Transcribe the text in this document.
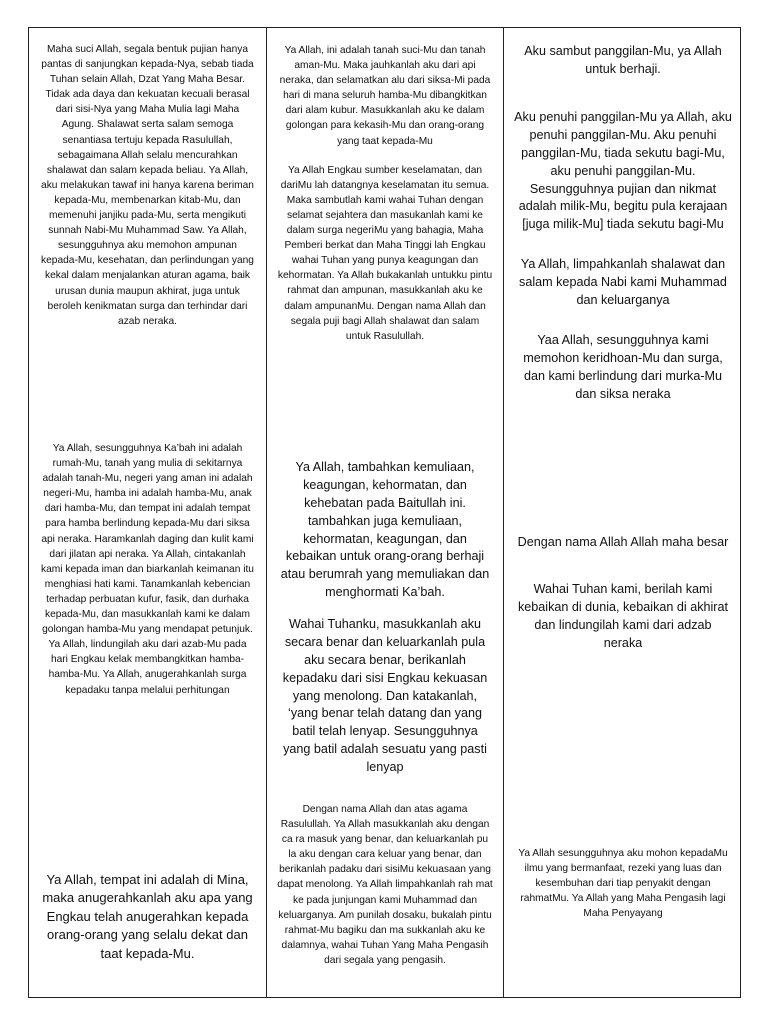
Maha suci Allah, segala bentuk pujian hanya pantas di sanjungkan kepada-Nya, sebab tiada Tuhan selain Allah, Dzat Yang Maha Besar. Tidak ada daya dan kekuatan kecuali berasal dari sisi-Nya yang Maha Mulia lagi Maha Agung. Shalawat serta salam semoga senantiasa tertuju kepada Rasulullah, sebagaimana Allah selalu mencurahkan shalawat dan salam kepada beliau. Ya Allah, aku melakukan tawaf ini hanya karena beriman kepada-Mu, membenarkan kitab-Mu, dan memenuhi janjiku pada-Mu, serta mengikuti sunnah Nabi-Mu Muhammad Saw. Ya Allah, sesungguhnya aku memohon ampunan kepada-Mu, kesehatan, dan perlindungan yang kekal dalam menjalankan aturan agama, baik urusan dunia maupun akhirat, juga untuk beroleh kenikmatan surga dan terhindar dari azab neraka.

Ya Allah, sesungguhnya Ka’bah ini adalah rumah-Mu, tanah yang mulia di sekitarnya adalah tanah-Mu, negeri yang aman ini adalah negeri-Mu, hamba ini adalah hamba-Mu, anak dari hamba-Mu, dan tempat ini adalah tempat para hamba berlindung kepada-Mu dari siksa api neraka. Haramkanlah daging dan kulit kami dari jilatan api neraka. Ya Allah, cintakanlah kami kepada iman dan biarkanlah keimanan itu menghiasi hati kami. Tanamkanlah kebencian terhadap perbuatan kufur, fasik, dan durhaka kepada-Mu, dan masukkanlah kami ke dalam golongan hamba-Mu yang mendapat petunjuk. Ya Allah, lindungilah aku dari azab-Mu pada hari Engkau kelak membangkitkan hamba-hamba-Mu. Ya Allah, anugerahkanlah surga kepadaku tanpa melalui perhitungan

Ya Allah, tempat ini adalah di Mina, maka anugerahkanlah aku apa yang Engkau telah anugerahkan kepada orang-orang yang selalu dekat dan taat kepada-Mu.

Ya Allah, ini adalah tanah suci-Mu dan tanah aman-Mu. Maka jauhkanlah aku dari api neraka, dan selamatkan alu dari siksa-Mi pada hari di mana seluruh hamba-Mu dibangkitkan dari alam kubur. Masukkanlah aku ke dalam golongan para kekasih-Mu dan orang-orang yang taat kepada-Mu

Ya Allah Engkau sumber keselamatan, dan dariMu lah datangnya keselamatan itu semua. Maka sambutlah kami wahai Tuhan dengan selamat sejahtera dan masukanlah kami ke dalam surga negeriMu yang bahagia, Maha Pemberi berkat dan Maha Tinggi lah Engkau wahai Tuhan yang punya keagungan dan kehormatan. Ya Allah bukakanlah untukku pintu rahmat dan ampunan, masukkanlah aku ke dalam ampunanMu. Dengan nama Allah dan segala puji bagi Allah shalawat dan salam untuk Rasulullah.

Ya Allah, tambahkan kemuliaan, keagungan, kehormatan, dan kehebatan pada Baitullah ini. tambahkan juga kemuliaan, kehormatan, keagungan, dan kebaikan untuk orang-orang berhaji atau berumrah yang memuliakan dan menghormati Ka’bah.

Wahai Tuhanku, masukkanlah aku secara benar dan keluarkanlah pula aku secara benar, berikanlah kepadaku dari sisi Engkau kekuasan yang menolong. Dan katakanlah, ‘yang benar telah datang dan yang batil telah lenyap. Sesungguhnya yang batil adalah sesuatu yang pasti lenyap

Dengan nama Allah dan atas agama Rasulullah. Ya Allah masukkanlah aku dengan ca ra masuk yang benar, dan keluarkanlah pu la aku dengan cara keluar yang benar, dan berikanlah padaku dari sisiMu kekuasaan yang dapat menolong. Ya Allah limpahkanlah rah mat ke pada junjungan kami Muhammad dan keluarganya. Am punilah dosaku, bukalah pintu rahmat-Mu bagiku dan ma sukkanlah aku ke dalamnya, wahai Tuhan Yang Maha Pengasih dari segala yang pengasih.

Aku sambut panggilan-Mu, ya Allah untuk berhaji.

Aku penuhi panggilan-Mu ya Allah, aku penuhi panggilan-Mu. Aku penuhi panggilan-Mu, tiada sekutu bagi-Mu, aku penuhi panggilan-Mu. Sesungguhnya pujian dan nikmat adalah milik-Mu, begitu pula kerajaan [juga milik-Mu] tiada sekutu bagi-Mu

Ya Allah, limpahkanlah shalawat dan salam kepada Nabi kami Muhammad dan keluarganya

Yaa Allah, sesungguhnya kami memohon keridhoan-Mu dan surga, dan kami berlindung dari murka-Mu dan siksa neraka

Dengan nama Allah Allah maha besar

Wahai Tuhan kami, berilah kami kebaikan di dunia, kebaikan di akhirat dan lindungilah kami dari adzab neraka

Ya Allah sesungguhnya aku mohon kepadaMu ilmu yang bermanfaat, rezeki yang luas dan kesembuhan dari tiap penyakit dengan rahmatMu. Ya Allah yang Maha Pengasih lagi Maha Penyayang
